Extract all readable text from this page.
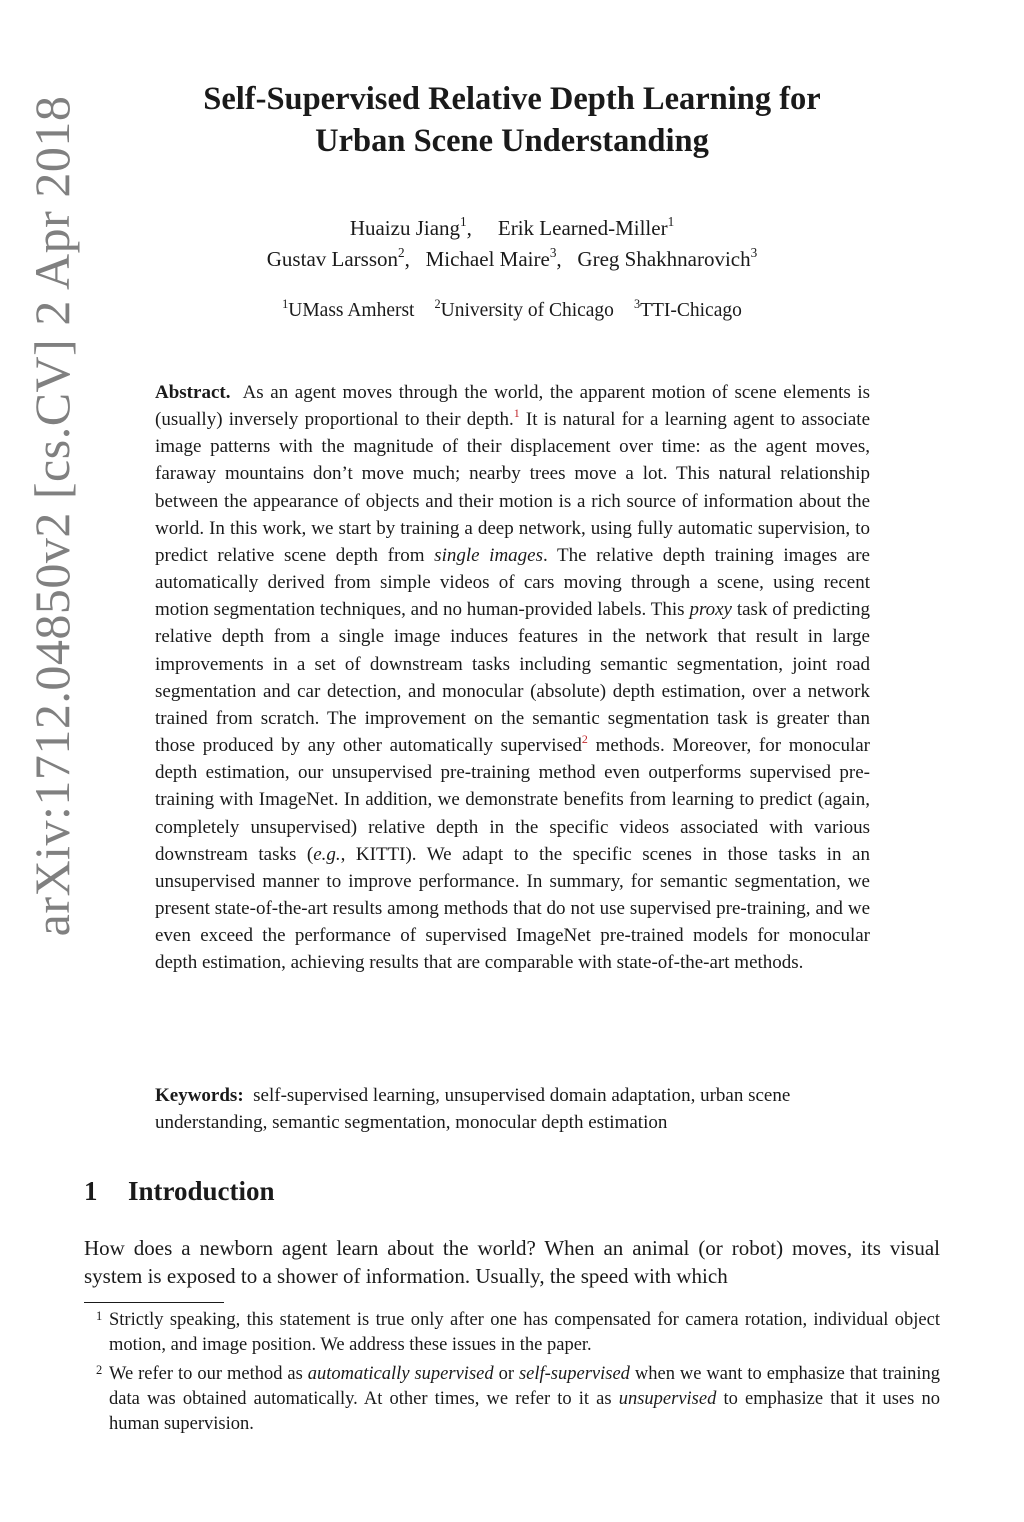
arXiv:1712.04850v2 [cs.CV] 2 Apr 2018	Self-Supervised Relative Depth Learning for
Urban Scene Understanding
Huaizu Jiang$^1$, Erik Learned-Miller$^1$
Gustav Larsson$^2$,   Michael Maire$^3$,   Greg Shakhnarovich$^3$
$^1$UMass Amherst $^2$University of Chicago $^3$TTI-Chicago
Abstract. As an agent moves through the world, the apparent motion of scene elements is (usually) inversely proportional to their depth.$^1$ It is natural for a learning agent to associate image patterns with the magnitude of their displacement over time: as the agent moves, faraway mountains don’t move much; nearby trees move a lot. This natural relationship between the appearance of objects and their motion is a rich source of information about the world. In this work, we start by training a deep network, using fully automatic supervision, to predict relative scene depth from single images. The relative depth training images are automatically derived from simple videos of cars moving through a scene, using recent motion segmentation techniques, and no human-provided labels. This proxy task of predicting relative depth from a single image induces features in the network that result in large improvements in a set of downstream tasks including semantic segmentation, joint road segmentation and car detection, and monocular (absolute) depth estimation, over a network trained from scratch. The improvement on the semantic segmentation task is greater than those produced by any other automatically supervised$^2$ methods. Moreover, for monocular depth estimation, our unsupervised pre-training method even outperforms supervised pre-training with ImageNet. In addition, we demonstrate benefits from learning to predict (again, completely unsupervised) relative depth in the specific videos associated with various downstream tasks (e.g., KITTI). We adapt to the specific scenes in those tasks in an unsupervised manner to improve performance. In summary, for semantic segmentation, we present state-of-the-art results among methods that do not use supervised pre-training, and we even exceed the performance of supervised ImageNet pre-trained models for monocular depth estimation, achieving results that are comparable with state-of-the-art methods.
Keywords: self-supervised learning, unsupervised domain adaptation, urban scene understanding, semantic segmentation, monocular depth estimation
1 Introduction
How does a newborn agent learn about the world? When an animal (or robot) moves, its visual system is exposed to a shower of information. Usually, the speed with which
1 Strictly speaking, this statement is true only after one has compensated for camera rotation, individual object motion, and image position. We address these issues in the paper.
2 We refer to our method as automatically supervised or self-supervised when we want to emphasize that training data was obtained automatically. At other times, we refer to it as unsupervised to emphasize that it uses no human supervision.
